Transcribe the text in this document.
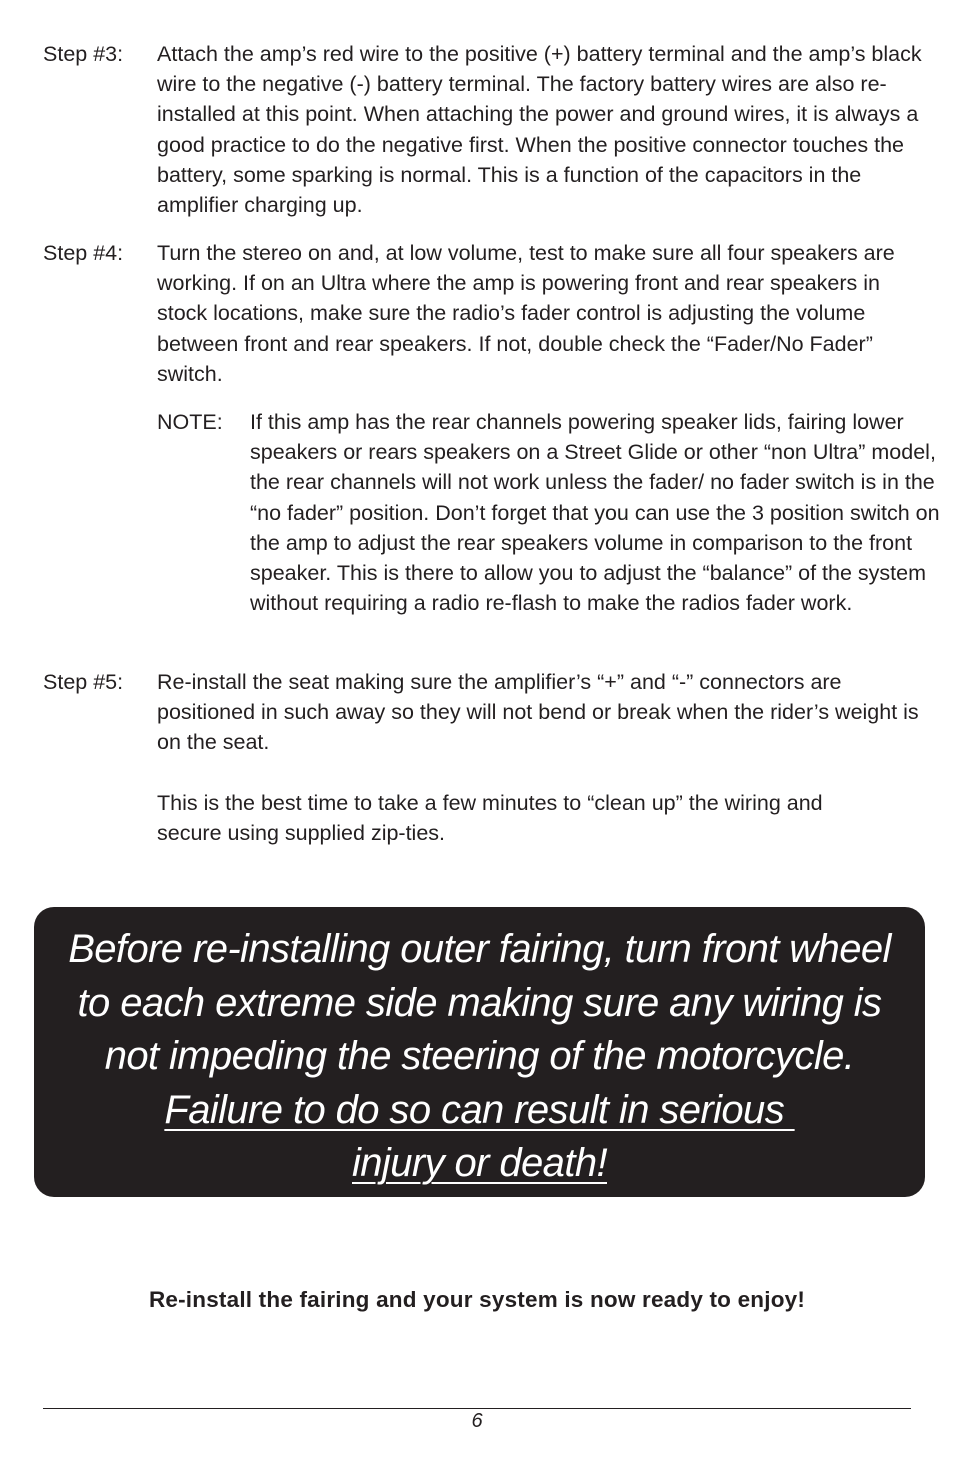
Step #3: Attach the amp’s red wire to the positive (+) battery terminal and the amp’s black wire to the negative (-) battery terminal. The factory battery wires are also re-installed at this point. When attaching the power and ground wires, it is always a good practice to do the negative first. When the positive connector touches the battery, some sparking is normal. This is a function of the capacitors in the amplifier charging up.

Step #4: Turn the stereo on and, at low volume, test to make sure all four speakers are working. If on an Ultra where the amp is powering front and rear speakers in stock locations, make sure the radio’s fader control is adjusting the volume between front and rear speakers. If not, double check the “Fader/No Fader” switch.

NOTE: If this amp has the rear channels powering speaker lids, fairing lower speakers or rears speakers on a Street Glide or other “non Ultra” model, the rear channels will not work unless the fader/ no fader switch is in the “no fader” position. Don’t forget that you can use the 3 position switch on the amp to adjust the rear speakers volume in comparison to the front speaker. This is there to allow you to adjust the “balance” of the system without requiring a radio re-flash to make the radios fader work.
Step #5: Re-install the seat making sure the amplifier’s “+” and “-” connectors are positioned in such away so they will not bend or break when the rider’s weight is on the seat.

This is the best time to take a few minutes to “clean up” the wiring and secure using supplied zip-ties.

Before re-installing outer fairing, turn front wheel
to each extreme side making sure any wiring is
not impeding the steering of the motorcycle.
Failure to do so can result in serious
injury or death!
Re-install the fairing and your system is now ready to enjoy!
6
